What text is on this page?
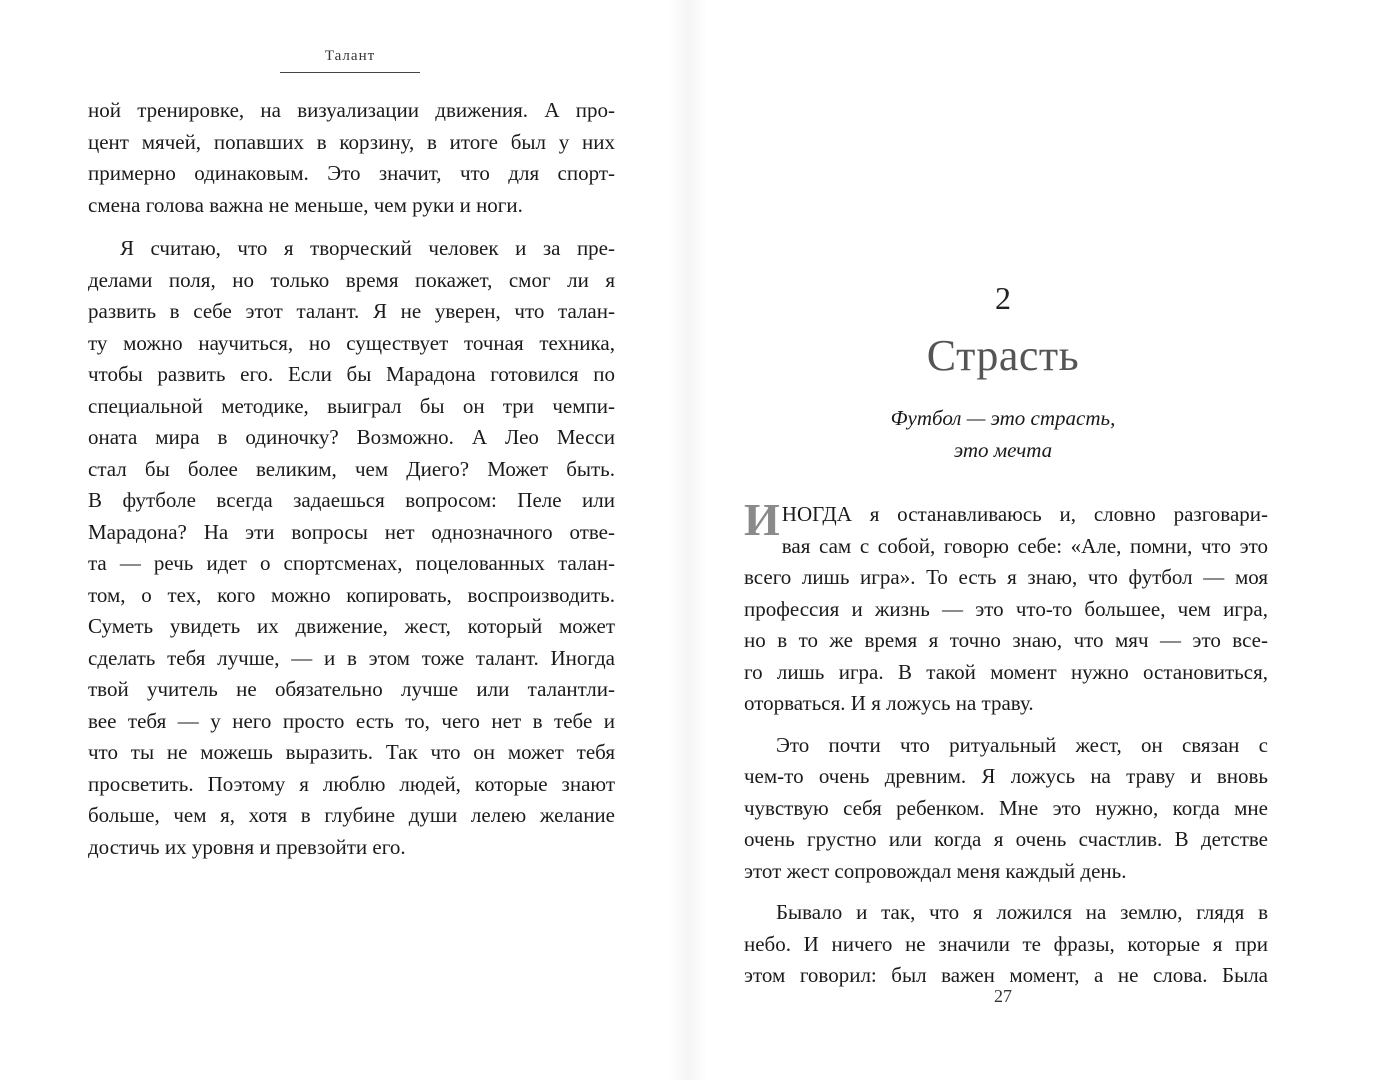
Талант
ной тренировке, на визуализации движения. А про-
цент мячей, попавших в корзину, в итоге был у них
примерно одинаковым. Это значит, что для спорт-
смена голова важна не меньше, чем руки и ноги.
Я считаю, что я творческий человек и за пре-
делами поля, но только время покажет, смог ли я
развить в себе этот талант. Я не уверен, что талан-
ту можно научиться, но существует точная техника,
чтобы развить его. Если бы Марадона готовился по
специальной методике, выиграл бы он три чемпи-
оната мира в одиночку? Возможно. А Лео Месси
стал бы более великим, чем Диего? Может быть.
В футболе всегда задаешься вопросом: Пеле или
Марадона? На эти вопросы нет однозначного отве-
та — речь идет о спортсменах, поцелованных талан-
том, о тех, кого можно копировать, воспроизводить.
Суметь увидеть их движение, жест, который может
сделать тебя лучше, — и в этом тоже талант. Иногда
твой учитель не обязательно лучше или талантли-
вее тебя — у него просто есть то, чего нет в тебе и
что ты не можешь выразить. Так что он может тебя
просветить. Поэтому я люблю людей, которые знают
больше, чем я, хотя в глубине души лелею желание
достичь их уровня и превзойти его.
2
Страсть
Футбол — это страсть,
это мечта
ИНОГДА я останавливаюсь и, словно разговари-
вая сам с собой, говорю себе: «Але, помни, что это
всего лишь игра». То есть я знаю, что футбол — моя
профессия и жизнь — это что-то большее, чем игра,
но в то же время я точно знаю, что мяч — это все-
го лишь игра. В такой момент нужно остановиться,
оторваться. И я ложусь на траву.
Это почти что ритуальный жест, он связан с
чем-то очень древним. Я ложусь на траву и вновь
чувствую себя ребенком. Мне это нужно, когда мне
очень грустно или когда я очень счастлив. В детстве
этот жест сопровождал меня каждый день.
Бывало и так, что я ложился на землю, глядя в
небо. И ничего не значили те фразы, которые я при
этом говорил: был важен момент, а не слова. Была
27
